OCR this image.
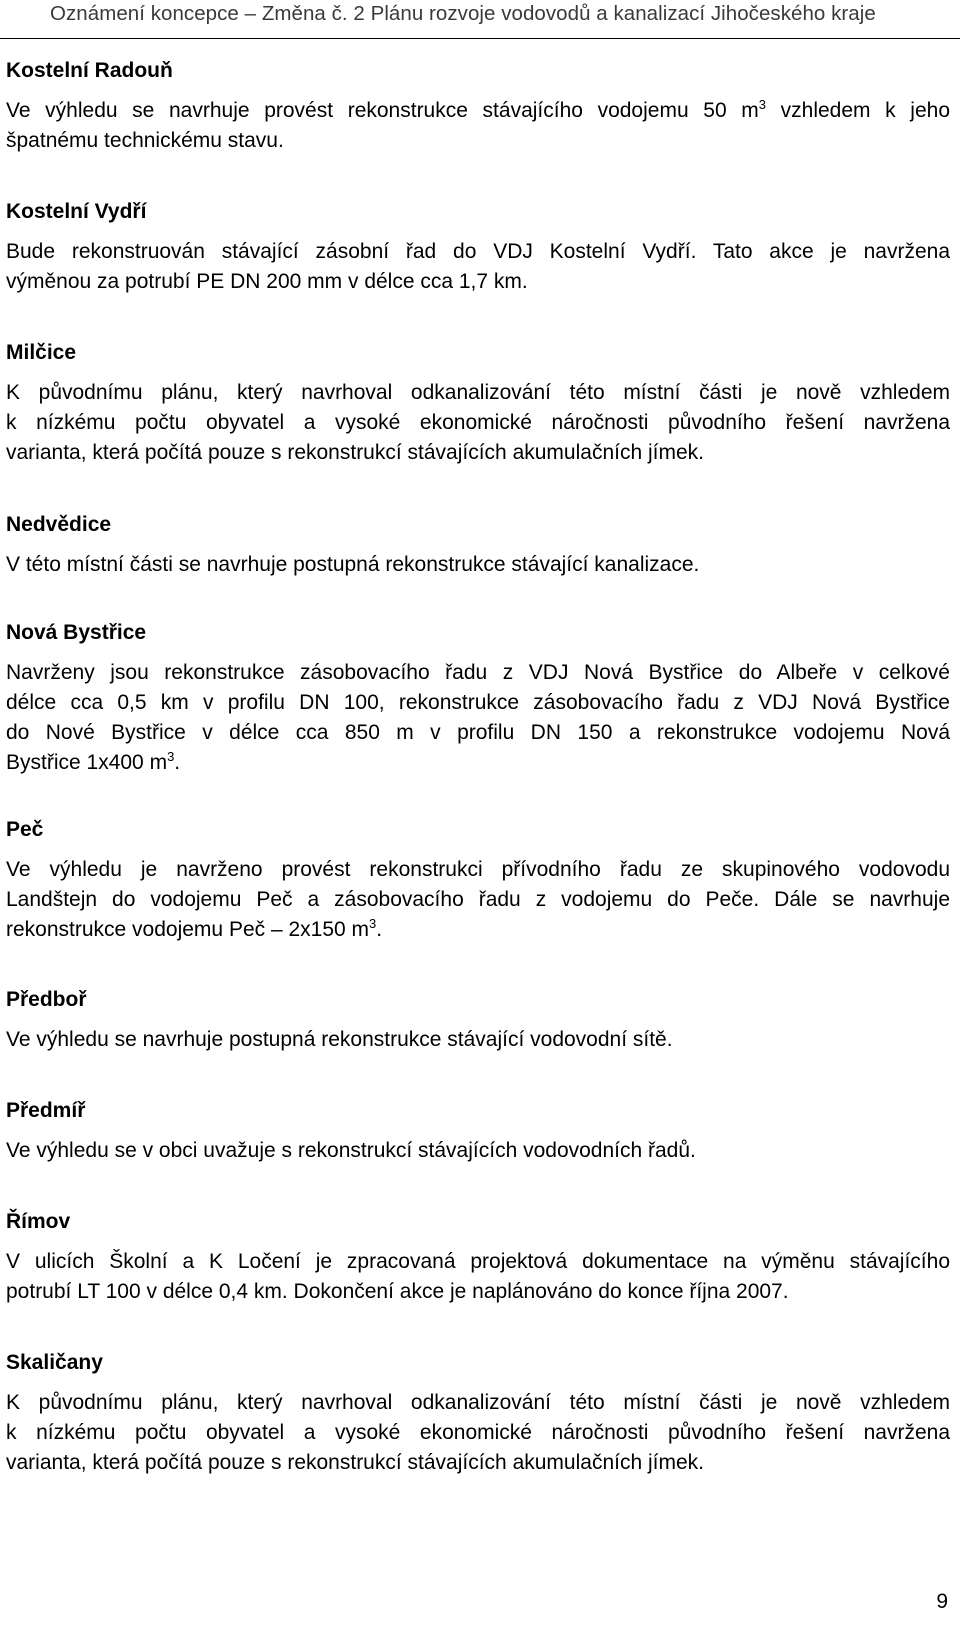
Oznámení koncepce – Změna č. 2 Plánu rozvoje vodovodů a kanalizací Jihočeského kraje
Kostelní Radouň
Ve výhledu se navrhuje provést rekonstrukce stávajícího vodojemu 50 $m^3$ vzhledem k jeho
špatnému technickému stavu.
Kostelní Vydří
Bude rekonstruován stávající zásobní řad do VDJ Kostelní Vydří. Tato akce je navržena
výměnou za potrubí PE DN 200 mm v délce cca 1,7 km.
Milčice
K původnímu plánu, který navrhoval odkanalizování této místní části je nově vzhledem
k nízkému počtu obyvatel a vysoké ekonomické náročnosti původního řešení navržena
varianta, která počítá pouze s rekonstrukcí stávajících akumulačních jímek.
Nedvědice
V této místní části se navrhuje postupná rekonstrukce stávající kanalizace.
Nová Bystřice
Navrženy jsou rekonstrukce zásobovacího řadu z VDJ Nová Bystřice do Albeře v celkové
délce cca 0,5 km v profilu DN 100, rekonstrukce zásobovacího řadu z VDJ Nová Bystřice
do Nové Bystřice v délce cca 850 m v profilu DN 150 a rekonstrukce vodojemu Nová
Bystřice 1x400 $m^3$.
Peč
Ve výhledu je navrženo provést rekonstrukci přívodního řadu ze skupinového vodovodu
Landštejn do vodojemu Peč a zásobovacího řadu z vodojemu do Peče. Dále se navrhuje
rekonstrukce vodojemu Peč – 2x150 $m^3$.
Předboř
Ve výhledu se navrhuje postupná rekonstrukce stávající vodovodní sítě.
Předmíř
Ve výhledu se v obci uvažuje s rekonstrukcí stávajících vodovodních řadů.
Římov
V ulicích Školní a K Ločení je zpracovaná projektová dokumentace na výměnu stávajícího
potrubí LT 100 v délce 0,4 km. Dokončení akce je naplánováno do konce října 2007.
Skaličany
K původnímu plánu, který navrhoval odkanalizování této místní části je nově vzhledem
k nízkému počtu obyvatel a vysoké ekonomické náročnosti původního řešení navržena
varianta, která počítá pouze s rekonstrukcí stávajících akumulačních jímek.
9
